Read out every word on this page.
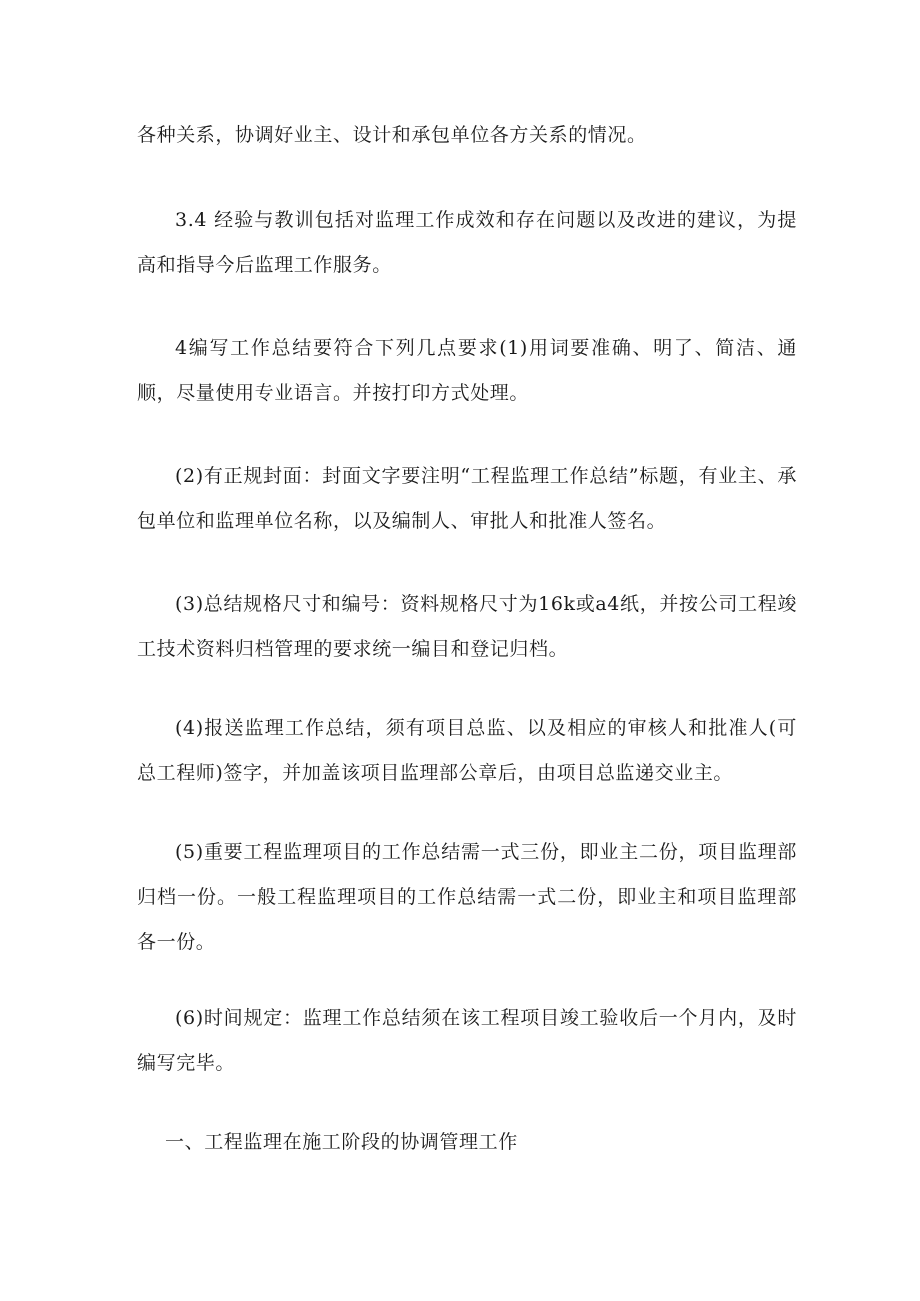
各种关系，协调好业主、设计和承包单位各方关系的情况。

3.4 经验与教训包括对监理工作成效和存在问题以及改进的建议，为提高和指导今后监理工作服务。

4编写工作总结要符合下列几点要求(1)用词要准确、明了、简洁、通顺，尽量使用专业语言。并按打印方式处理。

(2)有正规封面：封面文字要注明“工程监理工作总结”标题，有业主、承包单位和监理单位名称，以及编制人、审批人和批准人签名。

(3)总结规格尺寸和编号：资料规格尺寸为16k或a4纸，并按公司工程竣工技术资料归档管理的要求统一编目和登记归档。

(4)报送监理工作总结，须有项目总监、以及相应的审核人和批准人(可总工程师)签字，并加盖该项目监理部公章后，由项目总监递交业主。

(5)重要工程监理项目的工作总结需一式三份，即业主二份，项目监理部归档一份。一般工程监理项目的工作总结需一式二份，即业主和项目监理部各一份。

(6)时间规定：监理工作总结须在该工程项目竣工验收后一个月内，及时编写完毕。

一、工程监理在施工阶段的协调管理工作
